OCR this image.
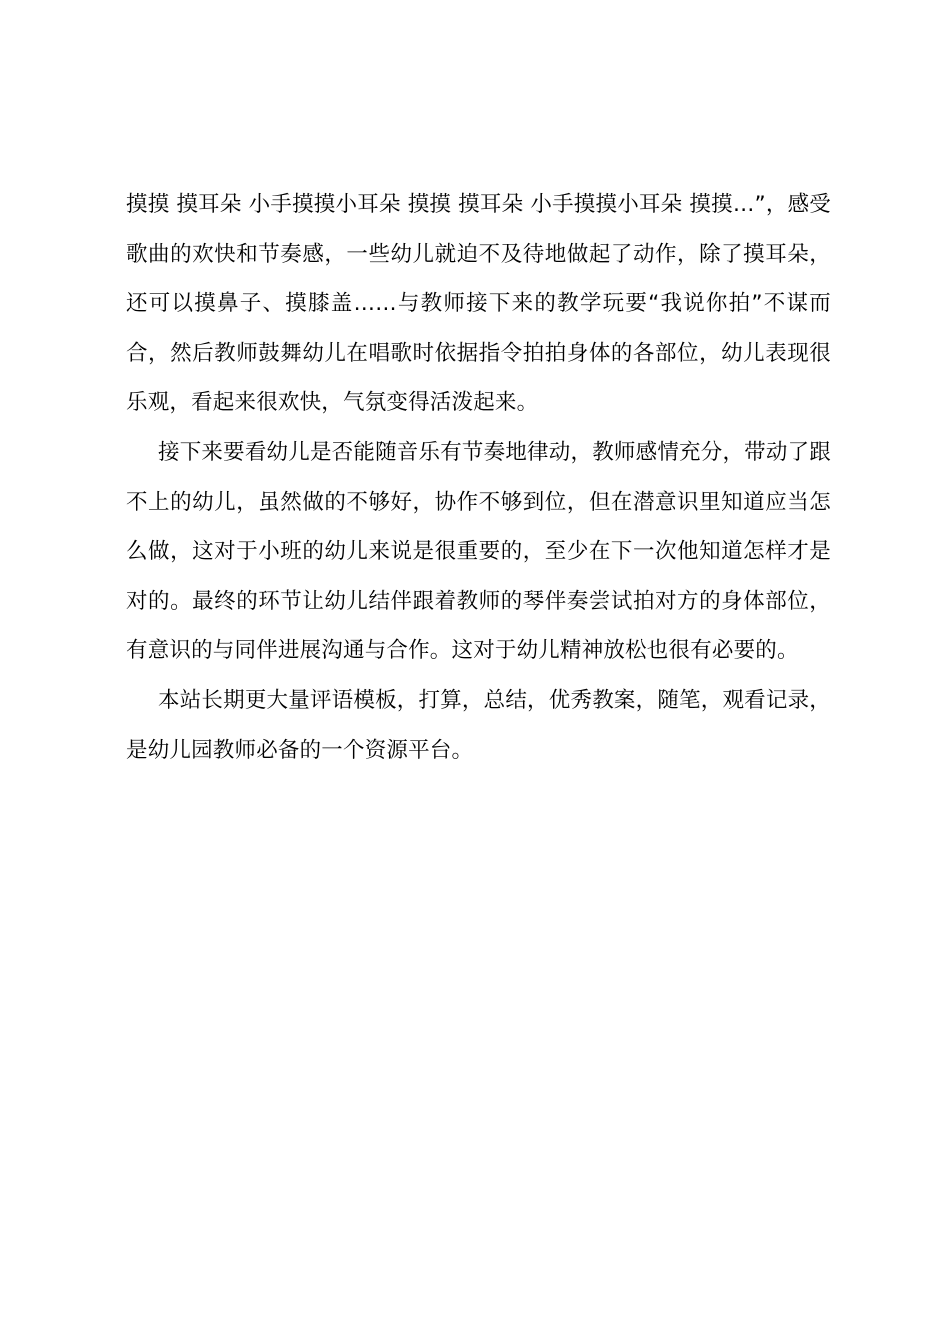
摸摸 摸耳朵 小手摸摸小耳朵 摸摸 摸耳朵 小手摸摸小耳朵 摸摸…”，感受歌曲的欢快和节奏感，一些幼儿就迫不及待地做起了动作，除了摸耳朵，还可以摸鼻子、摸膝盖……与教师接下来的教学玩要“我说你拍”不谋而合，然后教师鼓舞幼儿在唱歌时依据指令拍拍身体的各部位，幼儿表现很乐观，看起来很欢快，气氛变得活泼起来。

接下来要看幼儿是否能随音乐有节奏地律动，教师感情充分，带动了跟不上的幼儿，虽然做的不够好，协作不够到位，但在潜意识里知道应当怎么做，这对于小班的幼儿来说是很重要的，至少在下一次他知道怎样才是对的。最终的环节让幼儿结伴跟着教师的琴伴奏尝试拍对方的身体部位，有意识的与同伴进展沟通与合作。这对于幼儿精神放松也很有必要的。

本站长期更大量评语模板，打算，总结，优秀教案，随笔，观看记录，是幼儿园教师必备的一个资源平台。
